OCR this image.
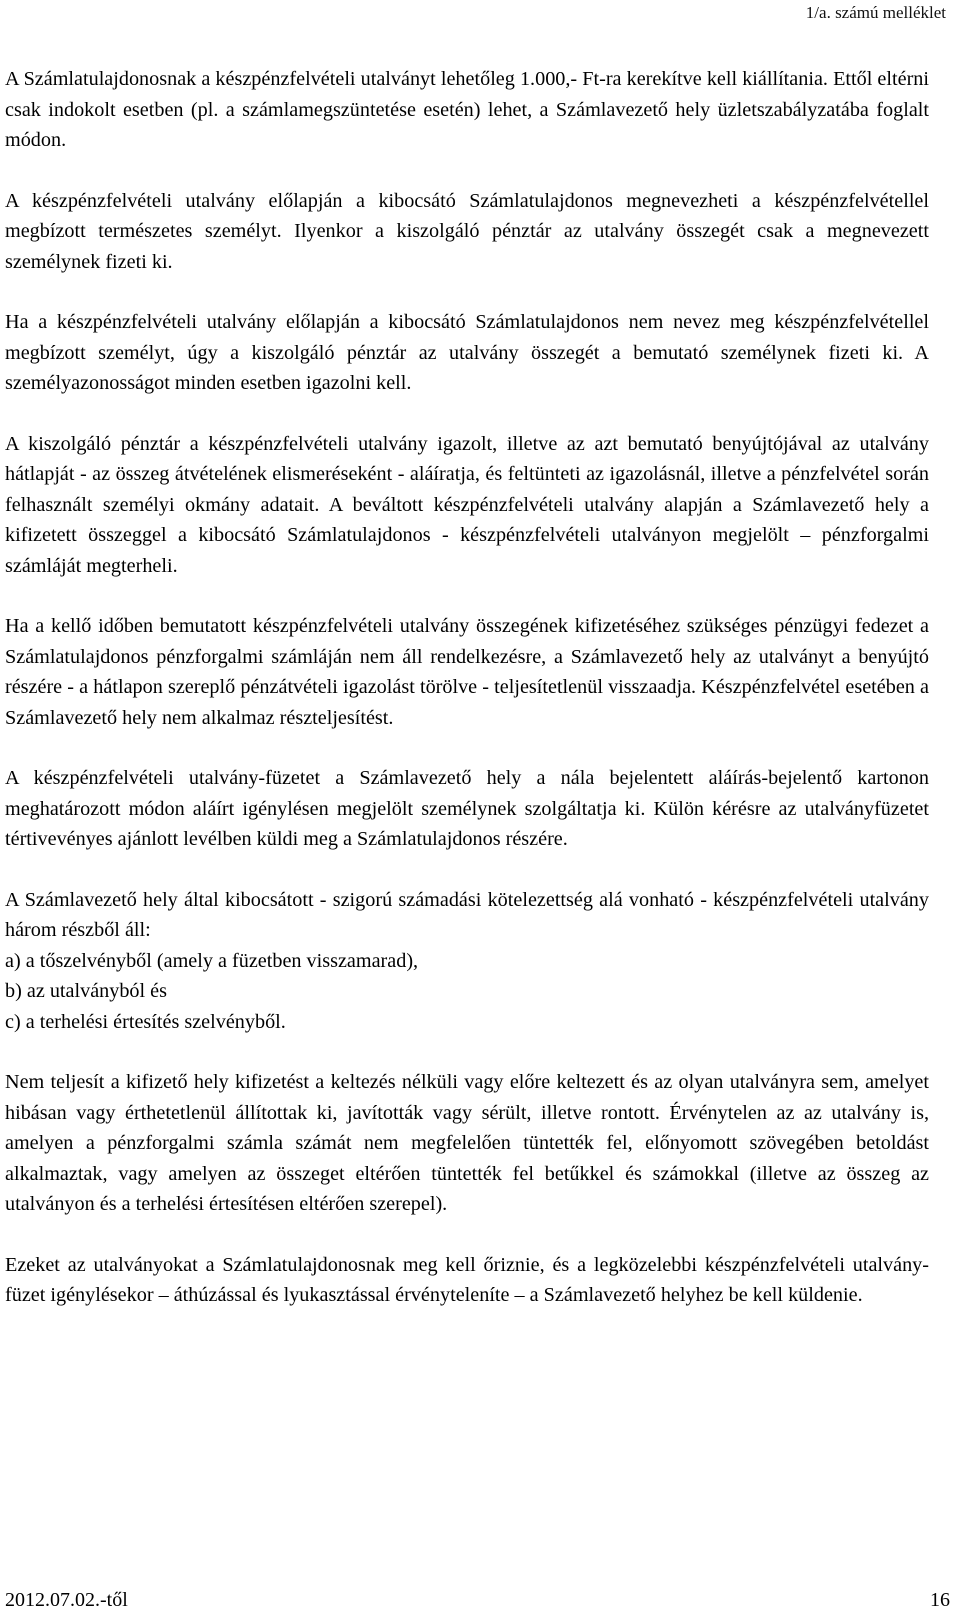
1/a. számú melléklet

A Számlatulajdonosnak a készpénzfelvételi utalványt lehetőleg 1.000,- Ft-ra kerekítve kell kiállítania. Ettől eltérni csak indokolt esetben (pl. a számlamegszüntetése esetén) lehet, a Számlavezető hely üzletszabályzatába foglalt módon.

A készpénzfelvételi utalvány előlapján a kibocsátó Számlatulajdonos megnevezheti a készpénzfelvétellel megbízott természetes személyt. Ilyenkor a kiszolgáló pénztár az utalvány összegét csak a megnevezett személynek fizeti ki.

Ha a készpénzfelvételi utalvány előlapján a kibocsátó Számlatulajdonos nem nevez meg készpénzfelvétellel megbízott személyt, úgy a kiszolgáló pénztár az utalvány összegét a bemutató személynek fizeti ki. A személyazonosságot minden esetben igazolni kell.

A kiszolgáló pénztár a készpénzfelvételi utalvány igazolt, illetve az azt bemutató benyújtójával az utalvány hátlapját - az összeg átvételének elismeréseként - aláíratja, és feltünteti az igazolásnál, illetve a pénzfelvétel során felhasznált személyi okmány adatait. A beváltott készpénzfelvételi utalvány alapján a Számlavezető hely a kifizetett összeggel a kibocsátó Számlatulajdonos - készpénzfelvételi utalványon megjelölt – pénzforgalmi számláját megterheli.

Ha a kellő időben bemutatott készpénzfelvételi utalvány összegének kifizetéséhez szükséges pénzügyi fedezet a Számlatulajdonos pénzforgalmi számláján nem áll rendelkezésre, a Számlavezető hely az utalványt a benyújtó részére - a hátlapon szereplő pénzátvételi igazolást törölve - teljesítetlenül visszaadja. Készpénzfelvétel esetében a Számlavezető hely nem alkalmaz részteljesítést.

A készpénzfelvételi utalvány-füzetet a Számlavezető hely a nála bejelentett aláírás-bejelentő kartonon meghatározott módon aláírt igénylésen megjelölt személynek szolgáltatja ki. Külön kérésre az utalványfüzetet tértivevényes ajánlott levélben küldi meg a Számlatulajdonos részére.

A Számlavezető hely által kibocsátott - szigorú számadási kötelezettség alá vonható - készpénzfelvételi utalvány három részből áll:
a) a tőszelvényből (amely a füzetben visszamarad),
b) az utalványból és
c) a terhelési értesítés szelvényből.

Nem teljesít a kifizető hely kifizetést a keltezés nélküli vagy előre keltezett és az olyan utalványra sem, amelyet hibásan vagy érthetetlenül állítottak ki, javították vagy sérült, illetve rontott. Érvénytelen az az utalvány is, amelyen a pénzforgalmi számla számát nem megfelelően tüntették fel, előnyomott szövegében betoldást alkalmaztak, vagy amelyen az összeget eltérően tüntették fel betűkkel és számokkal (illetve az összeg az utalványon és a terhelési értesítésen eltérően szerepel).

Ezeket az utalványokat a Számlatulajdonosnak meg kell őriznie, és a legközelebbi készpénzfelvételi utalvány-füzet igénylésekor – áthúzással és lyukasztással érvényteleníte – a Számlavezető helyhez be kell küldenie.

2012.07.02.-től	16
